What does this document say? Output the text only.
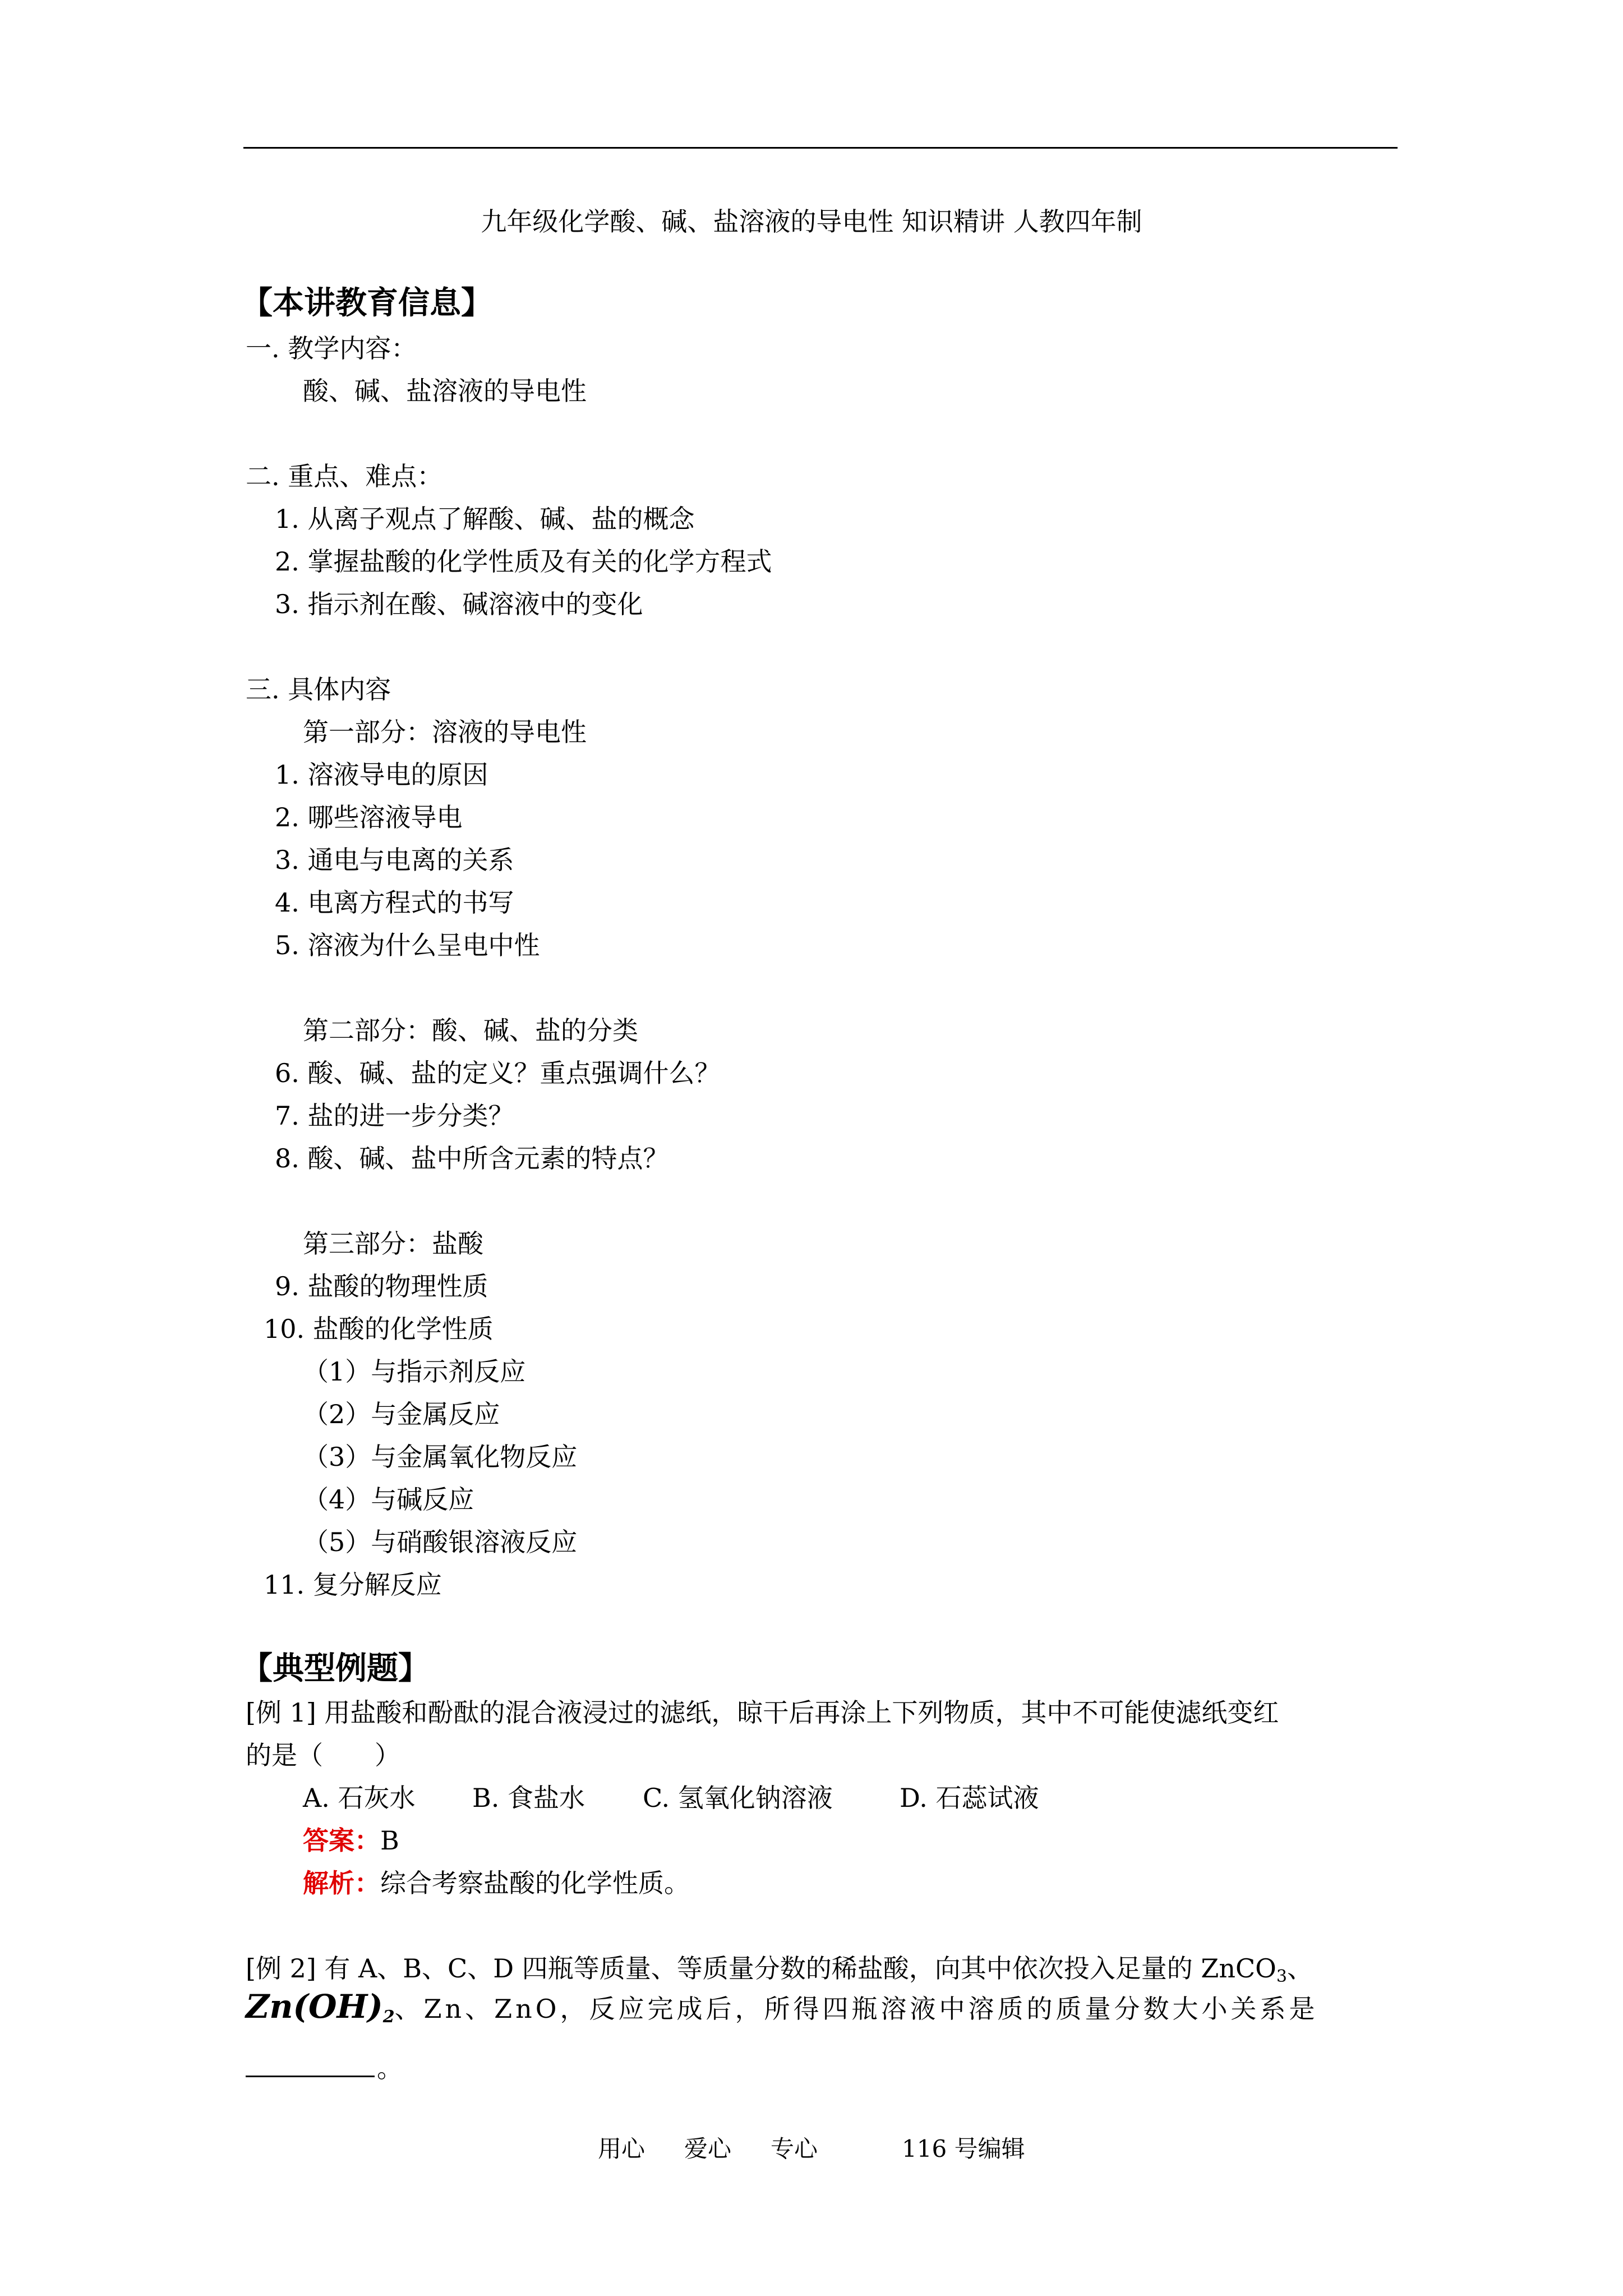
九年级化学酸、碱、盐溶液的导电性 知识精讲 人教四年制
【本讲教育信息】
一. 教学内容：
酸、碱、盐溶液的导电性
二. 重点、难点：
1. 从离子观点了解酸、碱、盐的概念
2. 掌握盐酸的化学性质及有关的化学方程式
3. 指示剂在酸、碱溶液中的变化
三. 具体内容
第一部分：溶液的导电性
1. 溶液导电的原因
2. 哪些溶液导电
3. 通电与电离的关系
4. 电离方程式的书写
5. 溶液为什么呈电中性
第二部分：酸、碱、盐的分类
6. 酸、碱、盐的定义？重点强调什么？
7. 盐的进一步分类？
8. 酸、碱、盐中所含元素的特点？
第三部分：盐酸
9. 盐酸的物理性质
10. 盐酸的化学性质
（1）与指示剂反应
（2）与金属反应
（3）与金属氧化物反应
（4）与碱反应
（5）与硝酸银溶液反应
11. 复分解反应
【典型例题】
[例 1] 用盐酸和酚酞的混合液浸过的滤纸，晾干后再涂上下列物质，其中不可能使滤纸变红
的是（　　）
A. 石灰水 B. 食盐水 C. 氢氧化钠溶液	D. 石蕊试液
答案：B
解析：综合考察盐酸的化学性质。
[例 2] 有 A、B、C、D 四瓶等质量、等质量分数的稀盐酸，向其中依次投入足量的 ZnCO$_3$、
$Zn(OH)_2$、Zn、ZnO，反应完成后，所得四瓶溶液中溶质的质量分数大小关系是
。
用心 爱心 专心	116 号编辑
